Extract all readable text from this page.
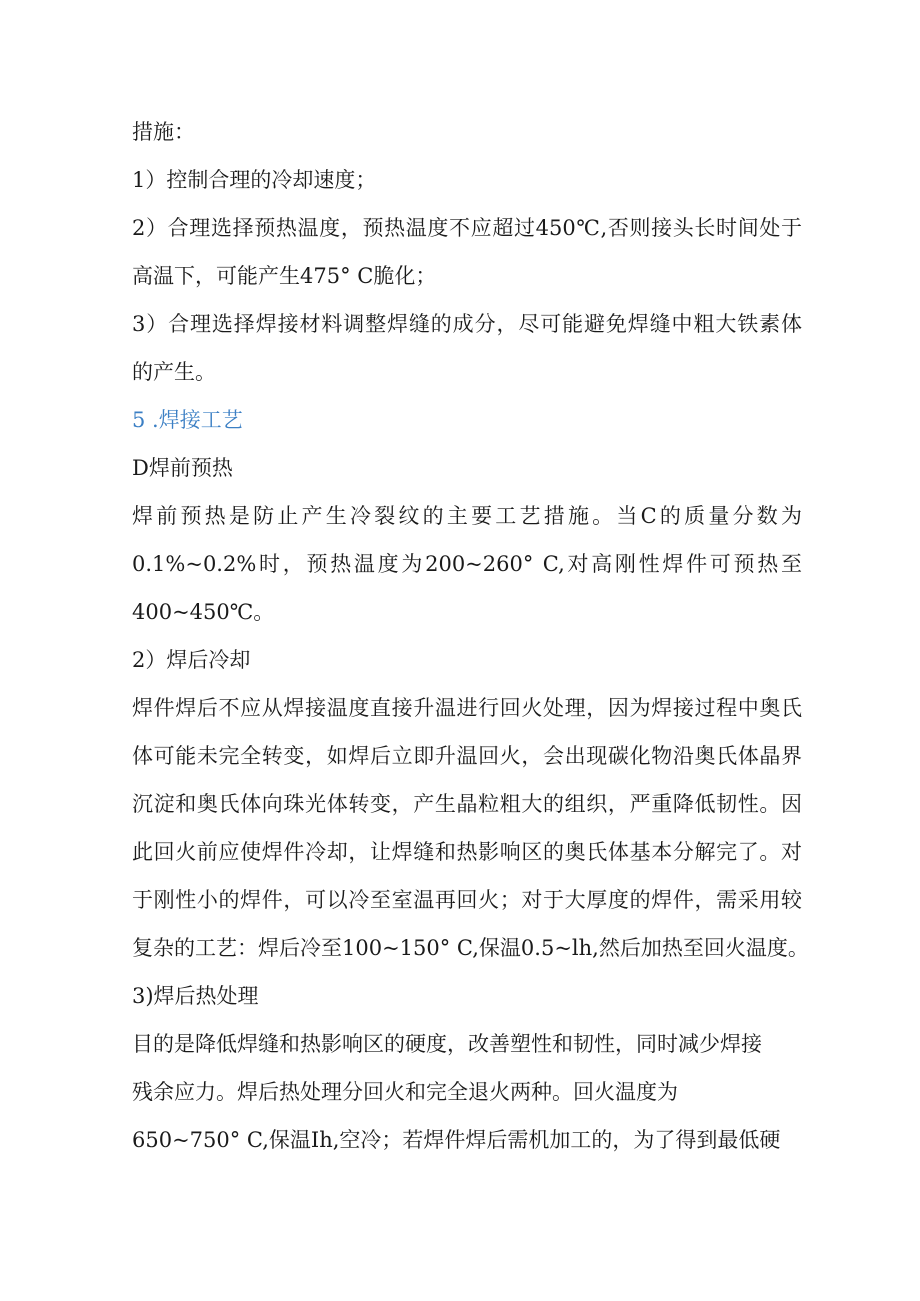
措施：
1）控制合理的冷却速度；
2）合理选择预热温度，预热温度不应超过450℃,否则接头长时间处于
高温下，可能产生475° C脆化；
3）合理选择焊接材料调整焊缝的成分，尽可能避免焊缝中粗大铁素体
的产生。
5 .焊接工艺
D焊前预热
焊前预热是防止产生冷裂纹的主要工艺措施。当C的质量分数为
0.1%~0.2%时，预热温度为200~260° C,对高刚性焊件可预热至
400~450℃。
2）焊后冷却
焊件焊后不应从焊接温度直接升温进行回火处理，因为焊接过程中奥氏
体可能未完全转变，如焊后立即升温回火，会出现碳化物沿奥氏体晶界
沉淀和奥氏体向珠光体转变，产生晶粒粗大的组织，严重降低韧性。因
此回火前应使焊件冷却，让焊缝和热影响区的奥氏体基本分解完了。对
于刚性小的焊件，可以冷至室温再回火；对于大厚度的焊件，需采用较
复杂的工艺：焊后冷至100~150° C,保温0.5~lh,然后加热至回火温度。
3)焊后热处理
目的是降低焊缝和热影响区的硬度，改善塑性和韧性，同时减少焊接
残余应力。焊后热处理分回火和完全退火两种。回火温度为
650~750° C,保温Ih,空冷；若焊件焊后需机加工的，为了得到最低硬
